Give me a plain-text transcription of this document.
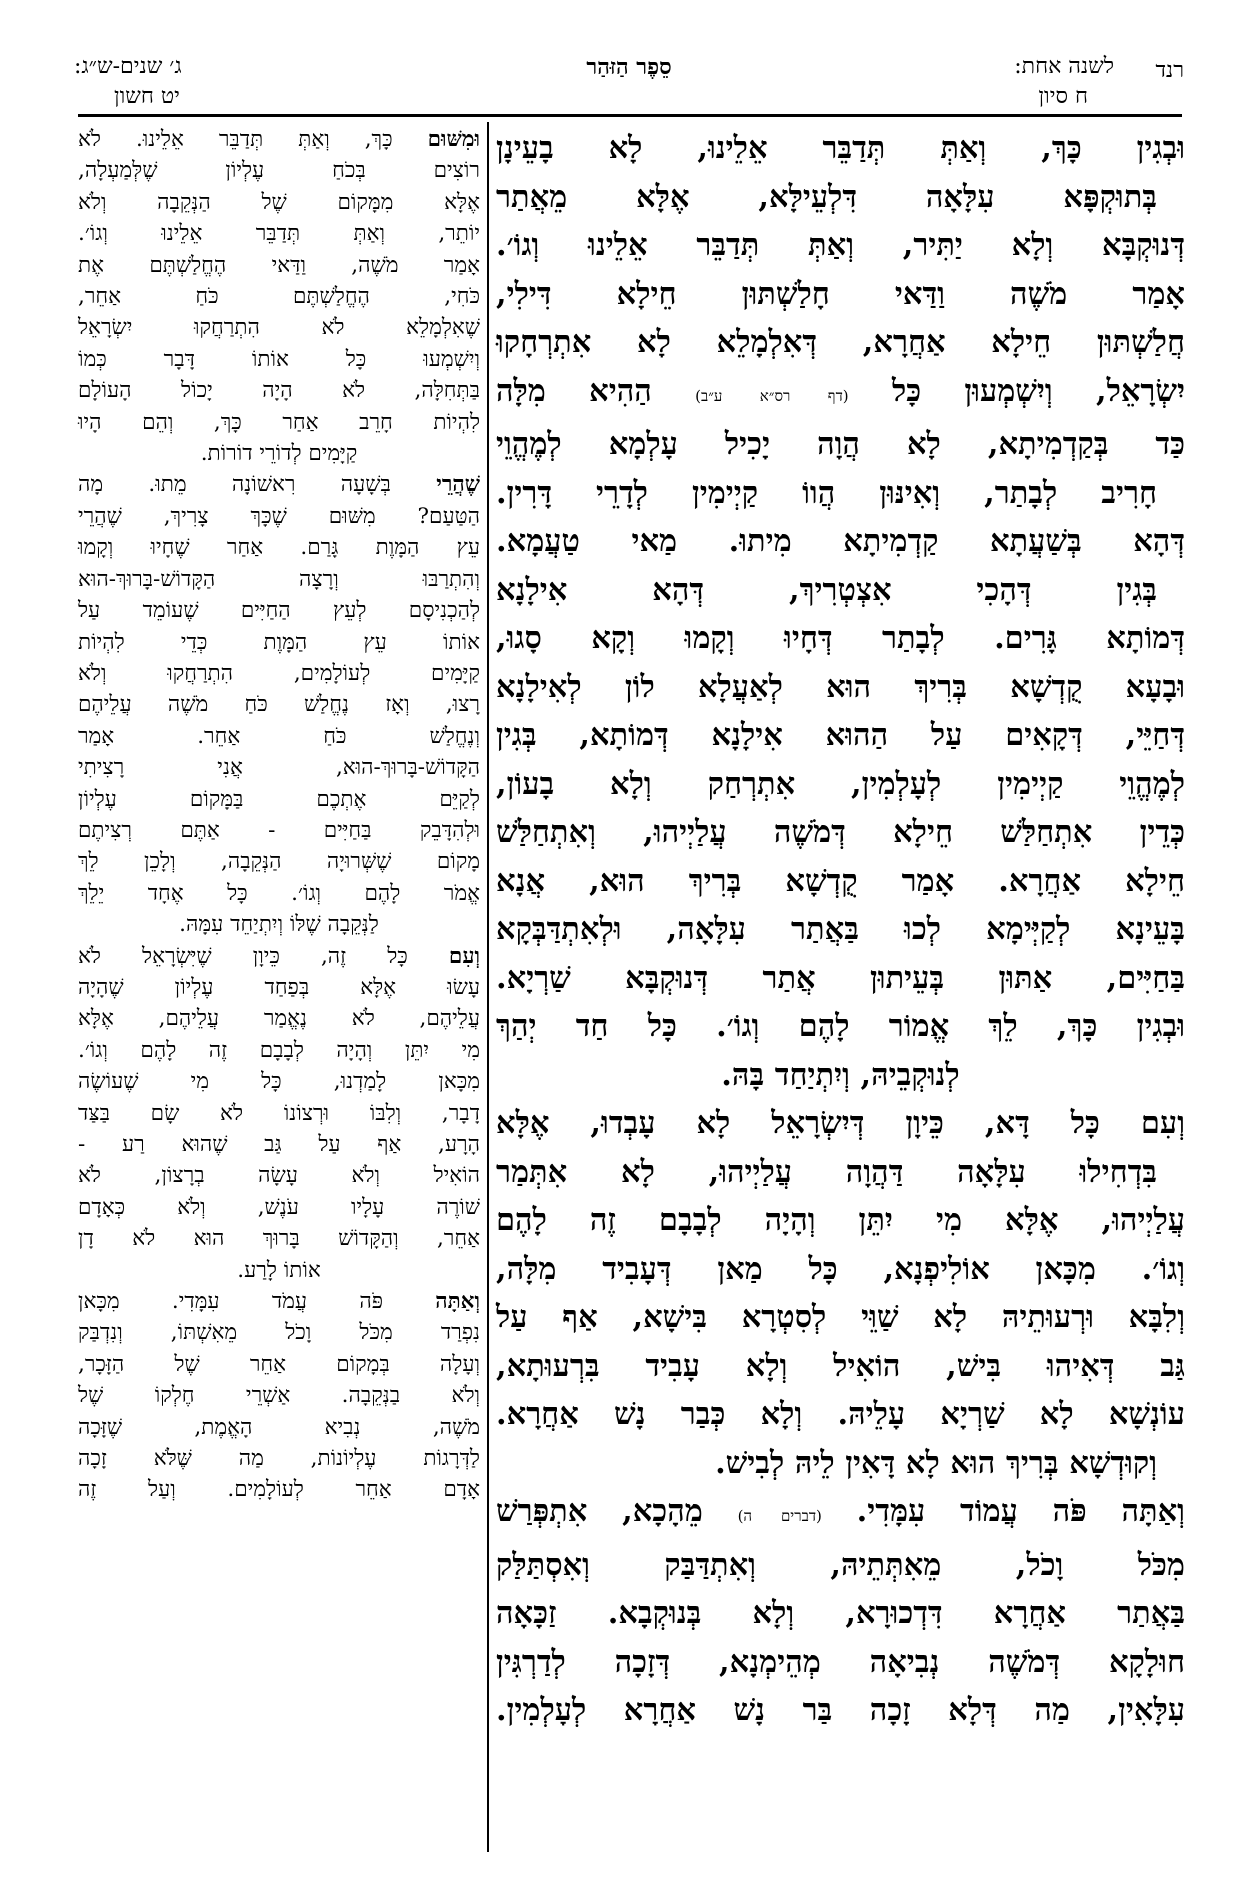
רנד
לשנה אחת:
ח סיון
סֵפֶר הַזּהַר
ג׳ שנים-ש״ג:
יט חשון
וּבְגִין כָּךְ, וְאַתְּ תְּדַבֵּר אֵלֵינוּ, לָא בָעֵינָן
בְּתוּקְפָּא עִלָּאָה דִּלְעֵילָּא, אֶלָּא מֵאֲתַר
דְּנוּקְבָּא וְלָא יַתִּיר, וְאַתְּ תְּדַבֵּר אֵלֵינוּ וְגוֹ׳.
אָמַר מֹשֶׁה וַדַּאי חָלַשְׁתּוּן חֵילָא דִּילִי,
חֲלַשְׁתּוּן חֵילָא אַחֲרָא, דְּאִלְמָלֵא לָא אִתְרְחָקוּ
יִשְׂרָאֵל, וְיִשְׁמְעוּן כָּל (דף רס״א ע״ב) הַהִיא מִלָּה
כַּד בְּקַדְמִיתָא, לָא הֲוָה יָכִיל עָלְמָא לְמֶהֱוֵי
חָרִיב לְבָתַר, וְאִינּוּן הֲווֹ קַיְימִין לְדָרֵי דָּרִין.
דְּהָא בְּשַׁעֲתָא קַדְמִיתָא מִיתוּ. מַאי טַעֲמָא.
בְּגִין דְּהָכִי אִצְטְרִיךְ, דְּהָא אִילָנָא
דְּמוֹתָא גָּרִים. לְבָתַר דְּחָיוּ וְקָמוּ וְקָא סָגוּ,
וּבָעָא קֻדְשָׁא בְּרִיךְ הוּא לְאַעֲלָא לוֹן לְאִילָנָא
דְּחַיֵּי, דְּקָאִים עַל הַהוּא אִילָנָא דְּמוֹתָא, בְּגִין
לְמֶהֱוֵי קַיְימִין לְעָלְמִין, אִתְרְחַק וְלָא בָעוֹן,
כְּדֵין אִתְחַלַּשׁ חֵילָא דְּמֹשֶׁה עֲלַיְיהוּ, וְאִתְחַלַּשׁ
חֵילָא אַחֲרָא. אָמַר קֻדְשָׁא בְּרִיךְ הוּא, אֲנָא
בָּעֵינָא לְקַיְּימָא לְכוּ בַּאֲתַר עִלָּאָה, וּלְאִתְדַּבְּקָא
בַּחַיִּים, אַתּוּן בְּעֵיתוּן אֲתַר דְּנוּקְבָּא שַׁרְיָא.
וּבְגִין כָּךְ, לֵךְ אֱמוֹר לָהֶם וְגוֹ׳. כָּל חַד יְהַךְ
לְנוּקְבֵיהּ, וְיִתְיַחַד בָּהּ.
וְעִם כָּל דָּא, כֵּיוָן דְּיִשְׂרָאֵל לָא עָבְדוּ, אֶלָּא
בִּדְחִילוּ עִלָּאָה דַּהֲוָה עֲלַיְיהוּ, לָא אִתְּמַר
עֲלַיְיהוּ, אֶלָּא מִי יִתֵּן וְהָיָה לְבָבָם זֶה לָהֶם
וְגוֹ׳. מִכָּאן אוֹלִיפְנָא, כָּל מַאן דְּעָבִיד מִלָּה,
וְלִבָּא וּרְעוּתֵיהּ לָא שַׁוֵּי לְסִטְרָא בִּישָׁא, אַף עַל
גַּב דְּאִיהוּ בִּישׁ, הוֹאִיל וְלָא עָבִיד בִּרְעוּתָא,
עוֹנְשָׁא לָא שַׁרְיָא עָלֵיהּ. וְלָא כְּבַר נָשׁ אַחֲרָא.
וְקוּדְשָׁא בְּרִיךְ הוּא לָא דָּאִין לֵיהּ לְבִישׁ.
וְאַתָּה פֹּה עֲמוֹד עִמָּדִי. (דברים ה) מֵהָכָא, אִתְפְּרַשׁ
מִכֹּל וָכֹל, מֵאִתְּתֵיהּ, וְאִתְדַּבַּק וְאִסְתַּלַּק
בַּאֲתַר אַחֲרָא דִּדְכוּרָא, וְלָא בְּנוּקְבָא. זַכָּאָה
חוּלָקָא דְּמֹשֶׁה נְבִיאָה מְהֵימְנָא, דְּזָכָה לְדַרְגִּין
עִלָּאִין, מַה דְּלָא זָכָה בַּר נָשׁ אַחֲרָא לְעָלְמִין.
וּמִשּׁוּם כָּךְ, וְאַתְּ תְּדַבֵּר אֵלֵינוּ. לֹא
רוֹצִים בְּכֹחַ עֶלְיוֹן שֶׁלְּמַעְלָה,
אֶלָּא מִמָּקוֹם שֶׁל הַנְּקֵבָה וְלֹא
יוֹתֵר, וְאַתְּ תְּדַבֵּר אֵלֵינוּ וְגוֹ׳.
אָמַר מֹשֶׁה, וַדַּאי הֶחֱלַשְׁתֶּם אֶת
כֹּחִי, הֶחֱלַשְׁתֶּם כֹּחַ אַחֵר,
שֶׁאִלְמָלֵא לֹא הִתְרַחֲקוּ יִשְׂרָאֵל
וְיִשְׁמְעוּ כָּל אוֹתוֹ דָּבָר כְּמוֹ
בַּתְּחִלָּה, לֹא הָיָה יָכוֹל הָעוֹלָם
לִהְיוֹת חָרֵב אַחַר כָּךְ, וְהֵם הָיוּ
קַיָּמִים לְדוֹרֵי דוֹרוֹת.
שֶׁהֲרֵי בְּשָׁעָה רִאשׁוֹנָה מֵתוּ. מָה
הַטַּעַם? מִשּׁוּם שֶׁכָּךְ צָרִיךְ, שֶׁהֲרֵי
עֵץ הַמָּוֶת גָּרַם. אַחַר שֶׁחָיוּ וְקָמוּ
וְהִתְרַבּוּ וְרָצָה הַקָּדוֹשׁ-בָּרוּךְ-הוּא
לְהַכְנִיסָם לְעֵץ הַחַיִּים שֶׁעוֹמֵד עַל
אוֹתוֹ עֵץ הַמָּוֶת כְּדֵי לִהְיוֹת
קַיָּמִים לְעוֹלָמִים, הִתְרַחֲקוּ וְלֹא
רָצוּ, וְאָז נֶחֱלַשׁ כֹּחַ מֹשֶׁה עֲלֵיהֶם
וְנֶחֱלַשׁ כֹּחַ אַחֵר. אָמַר
הַקָּדוֹשׁ-בָּרוּךְ-הוּא, אֲנִי רָצִיתִי
לְקַיֵּם אֶתְכֶם בַּמָּקוֹם עֶלְיוֹן
וּלְהִדָּבֵק בַּחַיִּים - אַתֶּם רְצִיתֶם
מָקוֹם שֶׁשְּׁרוּיָה הַנְּקֵבָה, וְלָכֵן לֵךְ
אֱמֹר לָהֶם וְגוֹ׳. כָּל אֶחָד יֵלֵךְ
לַנְּקֵבָה שֶׁלּוֹ וְיִתְיַחֵד עִמָּהּ.
וְעִם כָּל זֶה, כֵּיוָן שֶׁיִּשְׂרָאֵל לֹא
עָשׂוּ אֶלָּא בְּפַחַד עֶלְיוֹן שֶׁהָיָה
עֲלֵיהֶם, לֹא נֶאֱמַר עֲלֵיהֶם, אֶלָּא
מִי יִתֵּן וְהָיָה לְבָבָם זֶה לָהֶם וְגוֹ׳.
מִכָּאן לָמַדְנוּ, כָּל מִי שֶׁעוֹשֶׂה
דָבָר, וְלִבּוֹ וּרְצוֹנוֹ לֹא שָׂם בַּצַּד
הָרָע, אַף עַל גַּב שֶׁהוּא רַע -
הוֹאִיל וְלֹא עָשָׂה בְרָצוֹן, לֹא
שׁוֹרֶה עָלָיו עֹנֶשׁ, וְלֹא כְּאָדָם
אַחֵר, וְהַקָּדוֹשׁ בָּרוּךְ הוּא לֹא דָן
אוֹתוֹ לָרַע.
וְאַתָּה פֹּה עֲמֹד עִמָּדִי. מִכָּאן
נִפְרַד מִכֹּל וָכֹל מֵאִשְׁתּוֹ, וְנִדְבַּק
וְעָלָה בְּמָקוֹם אַחֵר שֶׁל הַזָּכָר,
וְלֹא בַנְּקֵבָה. אַשְׁרֵי חֶלְקוֹ שֶׁל
מֹשֶׁה, נְבִיא הָאֱמֶת, שֶׁזָּכָה
לַדְּרָגוֹת עֶלְיוֹנוֹת, מַה שֶּׁלֹּא זָכָה
אָדָם אַחֵר לְעוֹלָמִים. וְעַל זֶה
